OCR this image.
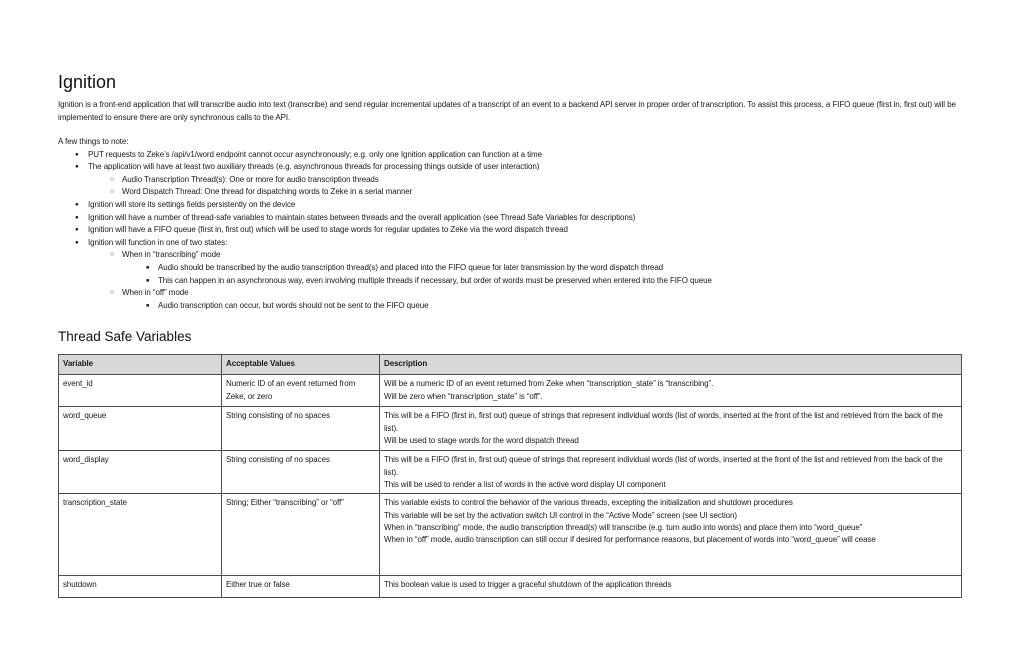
Ignition

Ignition is a front-end application that will transcribe audio into text (transcribe) and send regular incremental updates of a transcript of an event to a backend API server in proper order of transcription. To assist this process, a FIFO queue (first in, first out) will be implemented to ensure there are only synchronous calls to the API.

A few things to note:

● PUT requests to Zeke’s /api/v1/word endpoint cannot occur asynchronously; e.g. only one Ignition application can function at a time
● The application will have at least two auxiliary threads (e.g. asynchronous threads for processing things outside of user interaction)
○ Audio Transcription Thread(s): One or more for audio transcription threads
○ Word Dispatch Thread: One thread for dispatching words to Zeke in a serial manner
● Ignition will store its settings fields persistently on the device
● Ignition will have a number of thread-safe variables to maintain states between threads and the overall application (see Thread Safe Variables for descriptions)
● Ignition will have a FIFO queue (first in, first out) which will be used to stage words for regular updates to Zeke via the word dispatch thread
● Ignition will function in one of two states:
○ When in “transcribing” mode
■ Audio should be transcribed by the audio transcription thread(s) and placed into the FIFO queue for later transmission by the word dispatch thread
■ This can happen in an asynchronous way, even involving multiple threads if necessary, but order of words must be preserved when entered into the FIFO queue
○ When in “off” mode
■ Audio transcription can occur, but words should not be sent to the FIFO queue
Thread Safe Variables
Variable	Acceptable Values	Description
event_id	Numeric ID of an event returned from Zeke, or zero	Will be a numeric ID of an event returned from Zeke when “transcription_state” is “transcribing”.
Will be zero when “transcription_state” is “off”.

word_queue	String consisting of no spaces	This will be a FIFO (first in, first out) queue of strings that represent individual words (list of words, inserted at the front of the list and retrieved from the back of the list).
Will be used to stage words for the word dispatch thread

word_display	String consisting of no spaces	This will be a FIFO (first in, first out) queue of strings that represent individual words (list of words, inserted at the front of the list and retrieved from the back of the list).
This will be used to render a list of words in the active word display UI component

transcription_state	String; Either “transcribing” or “off”	This variable exists to control the behavior of the various threads, excepting the initialization and shutdown procedures
This variable will be set by the activation switch UI control in the “Active Mode” screen (see UI section)
When in “transcribing” mode, the audio transcription thread(s) will transcribe (e.g. turn audio into words) and place them into “word_queue”
When in “off” mode, audio transcription can still occur if desired for performance reasons, but placement of words into “word_queue” will cease

shutdown	Either true or false	This boolean value is used to trigger a graceful shutdown of the application threads
